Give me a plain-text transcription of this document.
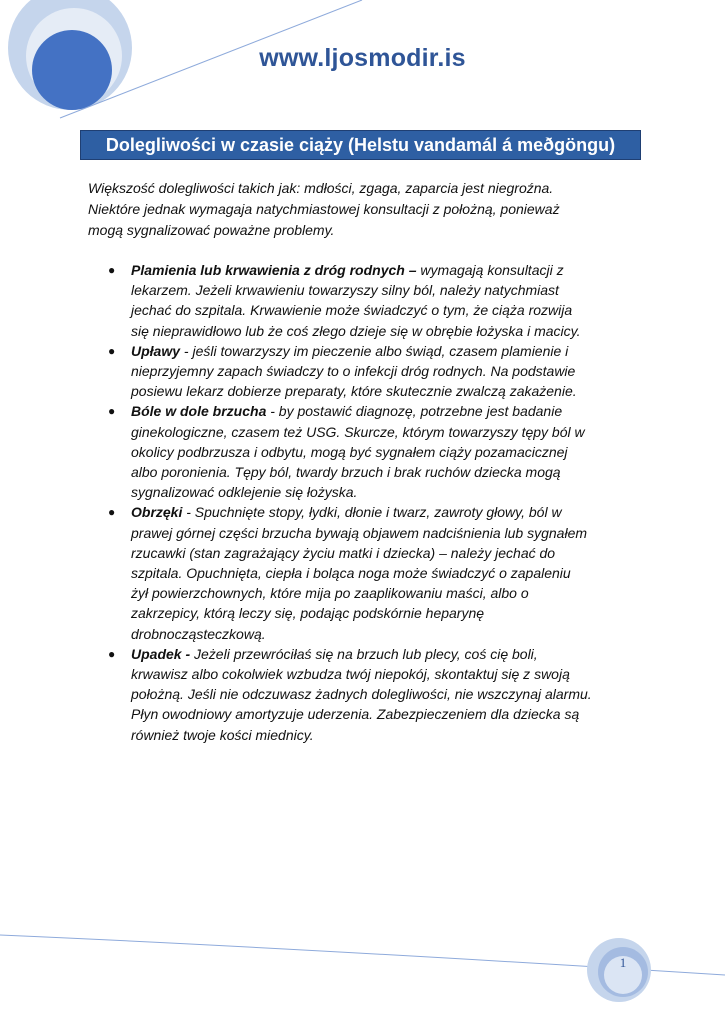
www.ljosmodir.is
Dolegliwości w czasie ciąży (Helstu vandamál á meðgöngu)

Większość dolegliwości takich jak: mdłości, zgaga, zaparcia jest niegroźna.

Niektóre jednak wymagaja natychmiastowej konsultacji z położną, ponieważ

mogą sygnalizować poważne problemy.

● Plamienia lub krwawienia z dróg rodnych – wymagają konsultacji z
lekarzem. Jeżeli krwawieniu towarzyszy silny ból, należy natychmiast
jechać do szpitala. Krwawienie może świadczyć o tym, że ciąża rozwija
się nieprawidłowo lub że coś złego dzieje się w obrębie łożyska i macicy.
● Upławy - jeśli towarzyszy im pieczenie albo świąd, czasem plamienie i
nieprzyjemny zapach świadczy to o infekcji dróg rodnych. Na podstawie
posiewu lekarz dobierze preparaty, które skutecznie zwalczą zakażenie.
● Bóle w dole brzucha - by postawić diagnozę, potrzebne jest badanie
ginekologiczne, czasem też USG. Skurcze, którym towarzyszy tępy ból w
okolicy podbrzusza i odbytu, mogą być sygnałem ciąży pozamacicznej
albo poronienia. Tępy ból, twardy brzuch i brak ruchów dziecka mogą
sygnalizować odklejenie się łożyska.
● Obrzęki - Spuchnięte stopy, łydki, dłonie i twarz, zawroty głowy, ból w
prawej górnej części brzucha bywają objawem nadciśnienia lub sygnałem
rzucawki (stan zagrażający życiu matki i dziecka) – należy jechać do
szpitala. Opuchnięta, ciepła i boląca noga może świadczyć o zapaleniu
żył powierzchownych, które mija po zaaplikowaniu maści, albo o
zakrzepicy, którą leczy się, podając podskórnie heparynę
drobnocząsteczkową.
● Upadek - Jeżeli przewróciłaś się na brzuch lub plecy, coś cię boli,
krwawisz albo cokolwiek wzbudza twój niepokój, skontaktuj się z swoją
położną. Jeśli nie odczuwasz żadnych dolegliwości, nie wszczynaj alarmu.
Płyn owodniowy amortyzuje uderzenia. Zabezpieczeniem dla dziecka są
również twoje kości miednicy.
1
